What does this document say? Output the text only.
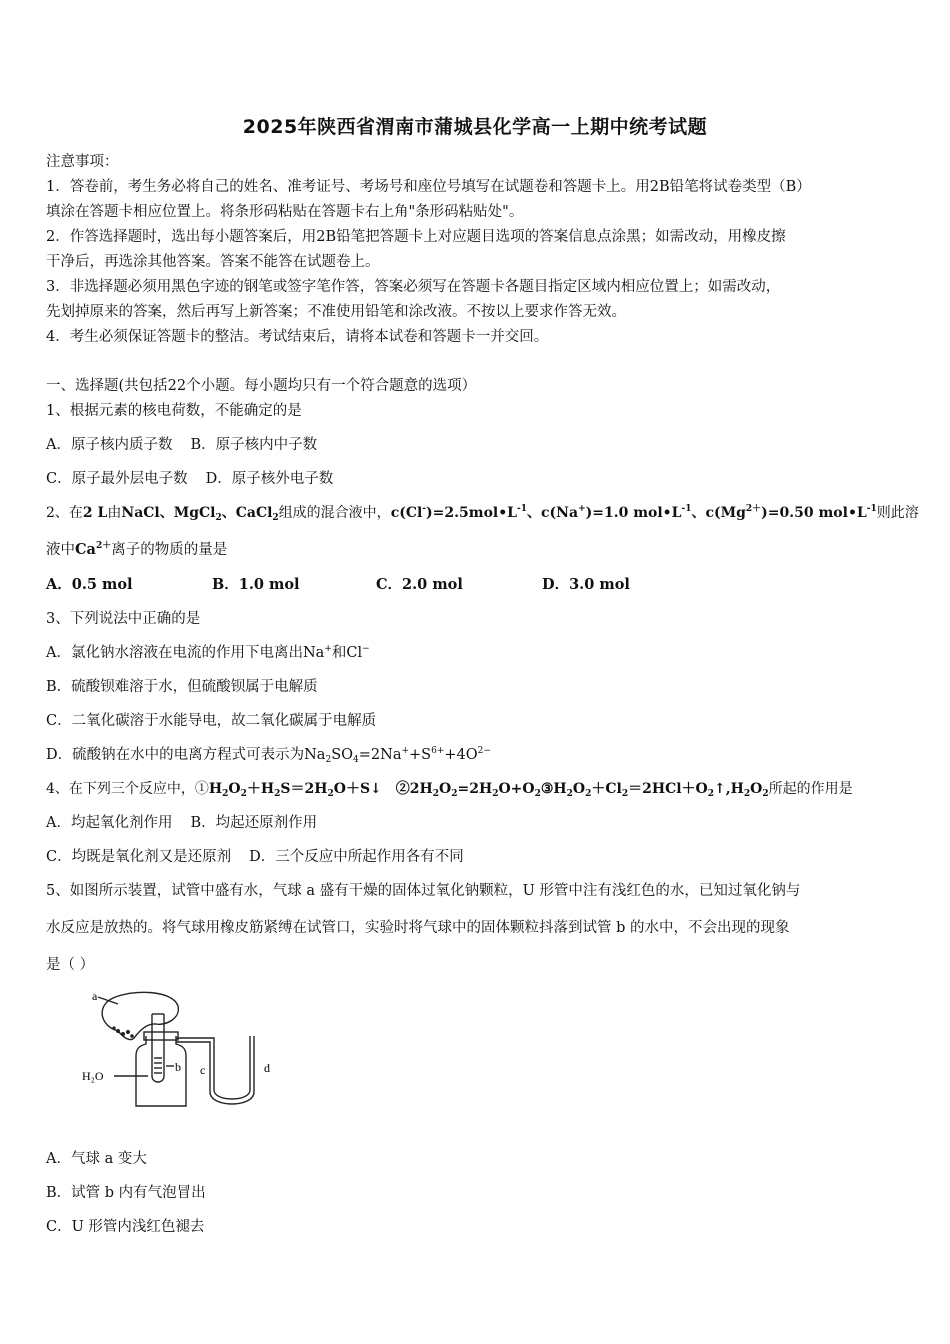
2025年陕西省渭南市蒲城县化学高一上期中统考试题
注意事项：
1．答卷前，考生务必将自己的姓名、准考证号、考场号和座位号填写在试题卷和答题卡上。用2B铅笔将试卷类型（B）
填涂在答题卡相应位置上。将条形码粘贴在答题卡右上角"条形码粘贴处"。
2．作答选择题时，选出每小题答案后，用2B铅笔把答题卡上对应题目选项的答案信息点涂黑；如需改动，用橡皮擦
干净后，再选涂其他答案。答案不能答在试题卷上。
3．非选择题必须用黑色字迹的钢笔或签字笔作答，答案必须写在答题卡各题目指定区域内相应位置上；如需改动，
先划掉原来的答案，然后再写上新答案；不准使用铅笔和涂改液。不按以上要求作答无效。
4．考生必须保证答题卡的整洁。考试结束后，请将本试卷和答题卡一并交回。
一、选择题(共包括22个小题。每小题均只有一个符合题意的选项）
1、根据元素的核电荷数，不能确定的是
A．原子核内质子数 B．原子核内中子数
C．原子最外层电子数 D．原子核外电子数
2、在2 L由NaCl、MgCl$_2$、CaCl$_2$组成的混合液中，$c(Cl^-)=2.5mol•L^{-1}$、c(Na+)=1.0 $mol•L^{-1}$、$c(Mg^{2+})=0.50$ $mol•L^{-1}$则此溶
液中$Ca^{2+}$离子的物质的量是
A．0.5 mol	B．1.0 mol	C．2.0 mol	D．3.0 mol
3、下列说法中正确的是
A．氯化钠水溶液在电流的作用下电离出Na+和Cl−
B．硫酸钡难溶于水，但硫酸钡属于电解质
C．二氧化碳溶于水能导电，故二氧化碳属于电解质
D．硫酸钠在水中的电离方程式可表示为$Na_2SO_4=2Na^++S^{6+}+4O^{2-}$
4、在下列三个反应中，$①H_2O_2+H_2S=2H_2O+S↓$　$②2H_2O_2=2H_2O+O_2③H_2O_2+Cl_2=2HCl+O_2↑,H_2O_2$所起的作用是
A．均起氧化剂作用 B．均起还原剂作用
C．均既是氧化剂又是还原剂 D．三个反应中所起作用各有不同
5、如图所示装置，试管中盛有水，气球 a 盛有干燥的固体过氧化钠颗粒，U 形管中注有浅红色的水，已知过氧化钠与
水反应是放热的。将气球用橡皮筋紧缚在试管口，实验时将气球中的固体颗粒抖落到试管 b 的水中，不会出现的现象
是（ ）
a
H₂O
b c	d
A．气球 a 变大
B．试管 b 内有气泡冒出
C．U 形管内浅红色褪去
